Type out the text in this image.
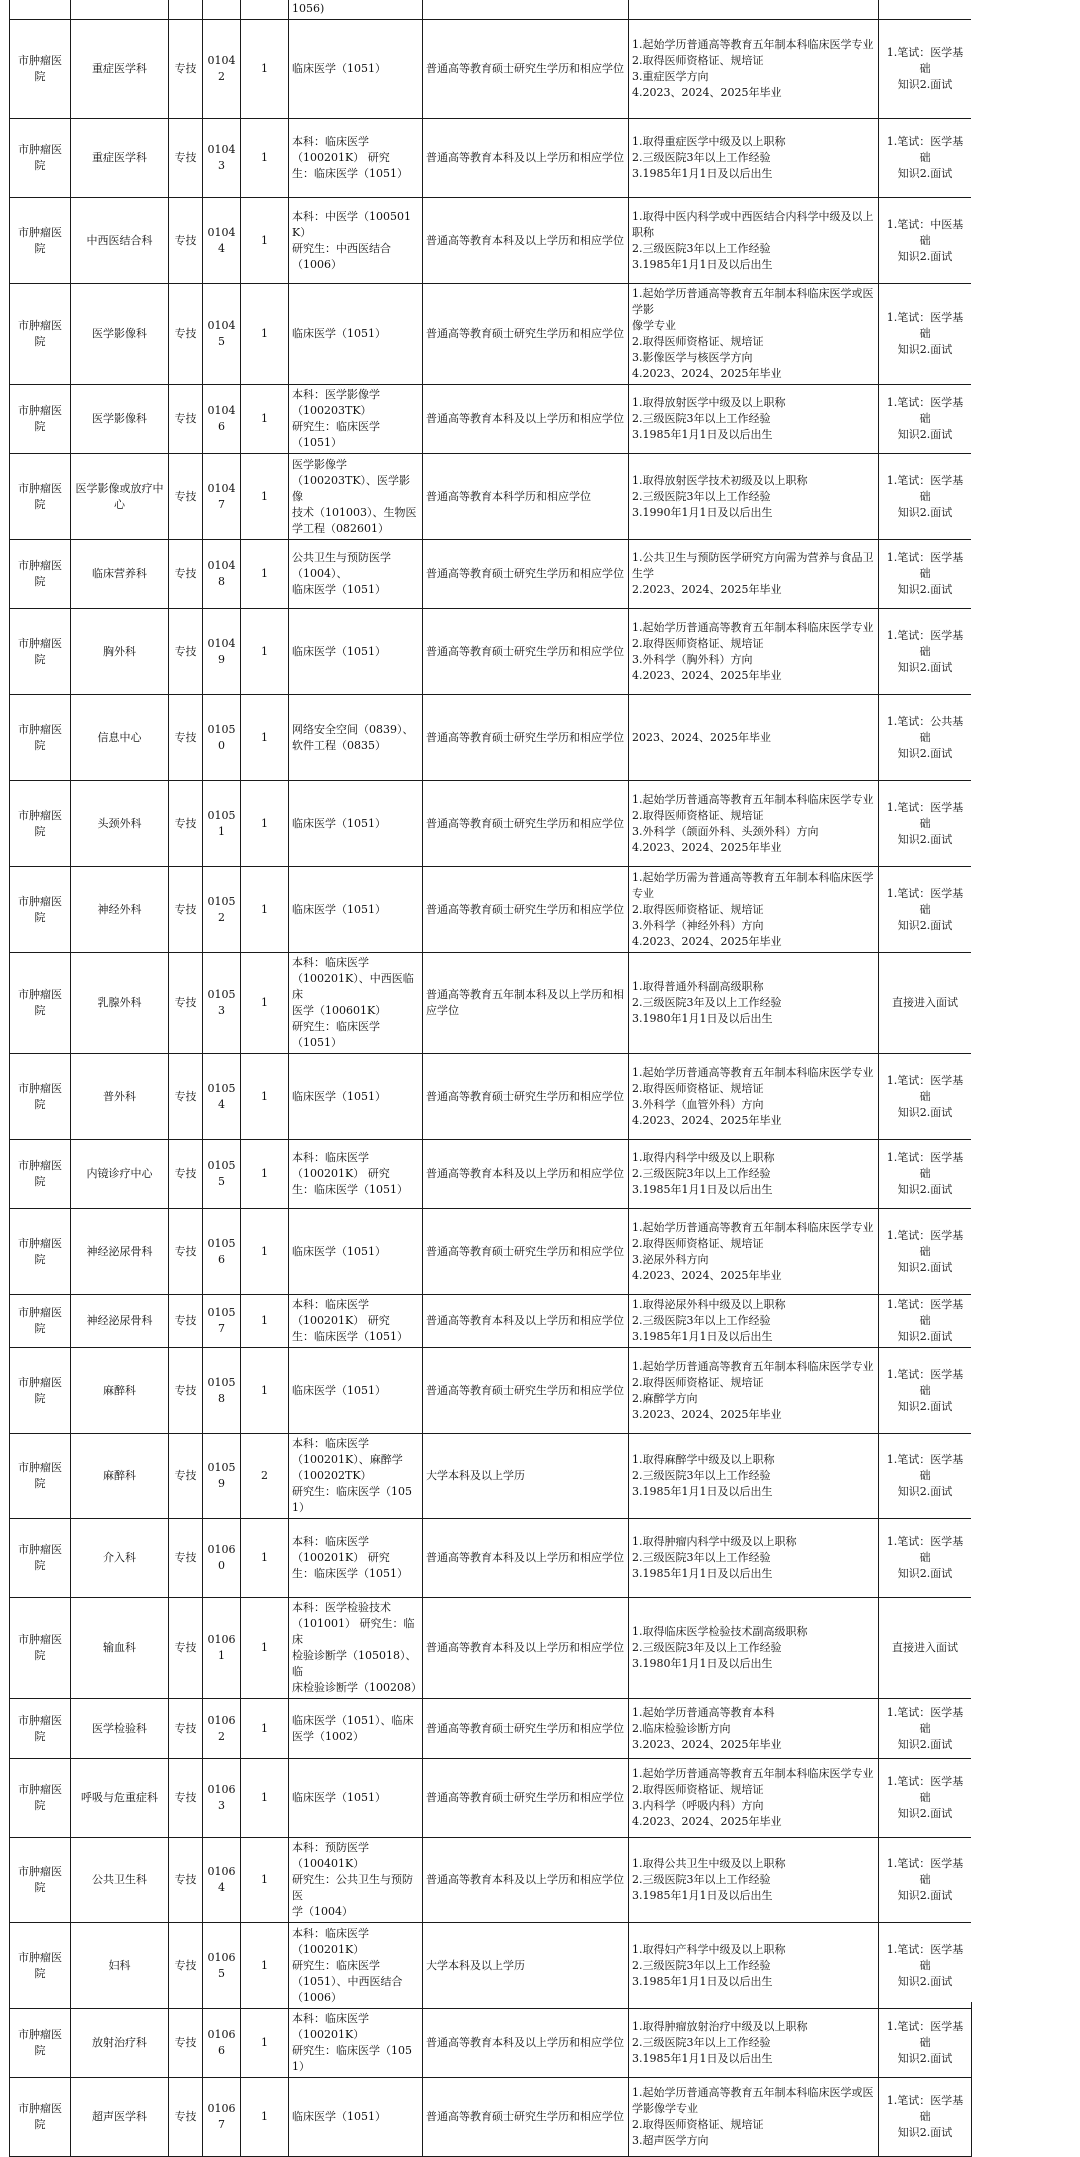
					1056)			
市肿瘤医院	重症医学科	专技	01042	1	临床医学（1051）	普通高等教育硕士研究生学历和相应学位	1.起始学历普通高等教育五年制本科临床医学专业
2.取得医师资格证、规培证
3.重症医学方向
4.2023、2024、2025年毕业	1.笔试：医学基础
知识2.面试

市肿瘤医院	重症医学科	专技	01043	1	本科：临床医学
（100201K） 研究
生：临床医学（1051）	普通高等教育本科及以上学历和相应学位	1.取得重症医学中级及以上职称
2.三级医院3年以上工作经验
3.1985年1月1日及以后出生	1.笔试：医学基础
知识2.面试

市肿瘤医院	中西医结合科	专技	01044	1	本科：中医学（100501K）
研究生：中西医结合
（1006）	普通高等教育本科及以上学历和相应学位	1.取得中医内科学或中西医结合内科学中级及以上
职称
2.三级医院3年以上工作经验
3.1985年1月1日及以后出生	1.笔试：中医基础
知识2.面试

市肿瘤医院	医学影像科	专技	01045	1	临床医学（1051）	普通高等教育硕士研究生学历和相应学位	1.起始学历普通高等教育五年制本科临床医学或医学影
像学专业
2.取得医师资格证、规培证
3.影像医学与核医学方向
4.2023、2024、2025年毕业	1.笔试：医学基础
知识2.面试

市肿瘤医院	医学影像科	专技	01046	1	本科：医学影像学
（100203TK）
研究生：临床医学
（1051）	普通高等教育本科及以上学历和相应学位	1.取得放射医学中级及以上职称
2.三级医院3年以上工作经验
3.1985年1月1日及以后出生	1.笔试：医学基础
知识2.面试

市肿瘤医院	医学影像或放疗中心	专技	01047	1	医学影像学
（100203TK）、医学影像
技术（101003）、生物医
学工程（082601）	普通高等教育本科学历和相应学位	1.取得放射医学技术初级及以上职称
2.三级医院3年以上工作经验
3.1990年1月1日及以后出生	1.笔试：医学基础
知识2.面试

市肿瘤医院	临床营养科	专技	01048	1	公共卫生与预防医学
（1004）、
临床医学（1051）	普通高等教育硕士研究生学历和相应学位	1.公共卫生与预防医学研究方向需为营养与食品卫
生学
2.2023、2024、2025年毕业	1.笔试：医学基础
知识2.面试

市肿瘤医院	胸外科	专技	01049	1	临床医学（1051）	普通高等教育硕士研究生学历和相应学位	1.起始学历普通高等教育五年制本科临床医学专业
2.取得医师资格证、规培证
3.外科学（胸外科）方向
4.2023、2024、2025年毕业	1.笔试：医学基础
知识2.面试

市肿瘤医院	信息中心	专技	01050	1	网络安全空间（0839）、
软件工程（0835）	普通高等教育硕士研究生学历和相应学位	2023、2024、2025年毕业	1.笔试：公共基础
知识2.面试

市肿瘤医院	头颈外科	专技	01051	1	临床医学（1051）	普通高等教育硕士研究生学历和相应学位	1.起始学历普通高等教育五年制本科临床医学专业
2.取得医师资格证、规培证
3.外科学（颌面外科、头颈外科）方向
4.2023、2024、2025年毕业	1.笔试：医学基础
知识2.面试

市肿瘤医院	神经外科	专技	01052	1	临床医学（1051）	普通高等教育硕士研究生学历和相应学位	1.起始学历需为普通高等教育五年制本科临床医学
专业
2.取得医师资格证、规培证
3.外科学（神经外科）方向
4.2023、2024、2025年毕业	1.笔试：医学基础
知识2.面试

市肿瘤医院	乳腺外科	专技	01053	1	本科：临床医学
（100201K）、中西医临床
医学（100601K）
研究生：临床医学
（1051）	普通高等教育五年制本科及以上学历和相应学位	1.取得普通外科副高级职称
2.三级医院3年及以上工作经验
3.1980年1月1日及以后出生	直接进入面试

市肿瘤医院	普外科	专技	01054	1	临床医学（1051）	普通高等教育硕士研究生学历和相应学位	1.起始学历普通高等教育五年制本科临床医学专业
2.取得医师资格证、规培证
3.外科学（血管外科）方向
4.2023、2024、2025年毕业	1.笔试：医学基础
知识2.面试

市肿瘤医院	内镜诊疗中心	专技	01055	1	本科：临床医学
（100201K） 研究
生：临床医学（1051）	普通高等教育本科及以上学历和相应学位	1.取得内科学中级及以上职称
2.三级医院3年以上工作经验
3.1985年1月1日及以后出生	1.笔试：医学基础
知识2.面试

市肿瘤医院	神经泌尿骨科	专技	01056	1	临床医学（1051）	普通高等教育硕士研究生学历和相应学位	1.起始学历普通高等教育五年制本科临床医学专业
2.取得医师资格证、规培证
3.泌尿外科方向
4.2023、2024、2025年毕业	1.笔试：医学基础
知识2.面试

市肿瘤医院	神经泌尿骨科	专技	01057	1	本科：临床医学
（100201K） 研究
生：临床医学（1051）	普通高等教育本科及以上学历和相应学位	1.取得泌尿外科中级及以上职称
2.三级医院3年以上工作经验
3.1985年1月1日及以后出生	1.笔试：医学基础
知识2.面试

市肿瘤医院	麻醉科	专技	01058	1	临床医学（1051）	普通高等教育硕士研究生学历和相应学位	1.起始学历普通高等教育五年制本科临床医学专业
2.取得医师资格证、规培证
2.麻醉学方向
3.2023、2024、2025年毕业	1.笔试：医学基础
知识2.面试

市肿瘤医院	麻醉科	专技	01059	2	本科：临床医学
（100201K）、麻醉学
（100202TK）
研究生：临床医学（1051）	大学本科及以上学历	1.取得麻醉学中级及以上职称
2.三级医院3年以上工作经验
3.1985年1月1日及以后出生	1.笔试：医学基础
知识2.面试

市肿瘤医院	介入科	专技	01060	1	本科：临床医学
（100201K） 研究
生：临床医学（1051）	普通高等教育本科及以上学历和相应学位	1.取得肿瘤内科学中级及以上职称
2.三级医院3年以上工作经验
3.1985年1月1日及以后出生	1.笔试：医学基础
知识2.面试

市肿瘤医院	输血科	专技	01061	1	本科：医学检验技术
（101001） 研究生：临床
检验诊断学（105018）、临
床检验诊断学（100208）	普通高等教育本科及以上学历和相应学位	1.取得临床医学检验技术副高级职称
2.三级医院3年及以上工作经验
3.1980年1月1日及以后出生	直接进入面试

市肿瘤医院	医学检验科	专技	01062	1	临床医学（1051）、临床
医学（1002）	普通高等教育硕士研究生学历和相应学位	1.起始学历普通高等教育本科
2.临床检验诊断方向
3.2023、2024、2025年毕业	1.笔试：医学基础
知识2.面试

市肿瘤医院	呼吸与危重症科	专技	01063	1	临床医学（1051）	普通高等教育硕士研究生学历和相应学位	1.起始学历普通高等教育五年制本科临床医学专业
2.取得医师资格证、规培证
3.内科学（呼吸内科）方向
4.2023、2024、2025年毕业	1.笔试：医学基础
知识2.面试

市肿瘤医院	公共卫生科	专技	01064	1	本科：预防医学
（100401K）
研究生：公共卫生与预防医
学（1004）	普通高等教育本科及以上学历和相应学位	1.取得公共卫生中级及以上职称
2.三级医院3年以上工作经验
3.1985年1月1日及以后出生	1.笔试：医学基础
知识2.面试

市肿瘤医院	妇科	专技	01065	1	本科：临床医学
（100201K）
研究生：临床医学
（1051）、中西医结合
（1006）	大学本科及以上学历	1.取得妇产科学中级及以上职称
2.三级医院3年以上工作经验
3.1985年1月1日及以后出生	1.笔试：医学基础
知识2.面试

市肿瘤医院	放射治疗科	专技	01066	1	本科：临床医学
（100201K）
研究生：临床医学（1051）	普通高等教育本科及以上学历和相应学位	1.取得肿瘤放射治疗中级及以上职称
2.三级医院3年以上工作经验
3.1985年1月1日及以后出生	1.笔试：医学基础
知识2.面试

市肿瘤医院	超声医学科	专技	01067	1	临床医学（1051）	普通高等教育硕士研究生学历和相应学位	1.起始学历普通高等教育五年制本科临床医学或医
学影像学专业
2.取得医师资格证、规培证
3.超声医学方向	1.笔试：医学基础
知识2.面试
